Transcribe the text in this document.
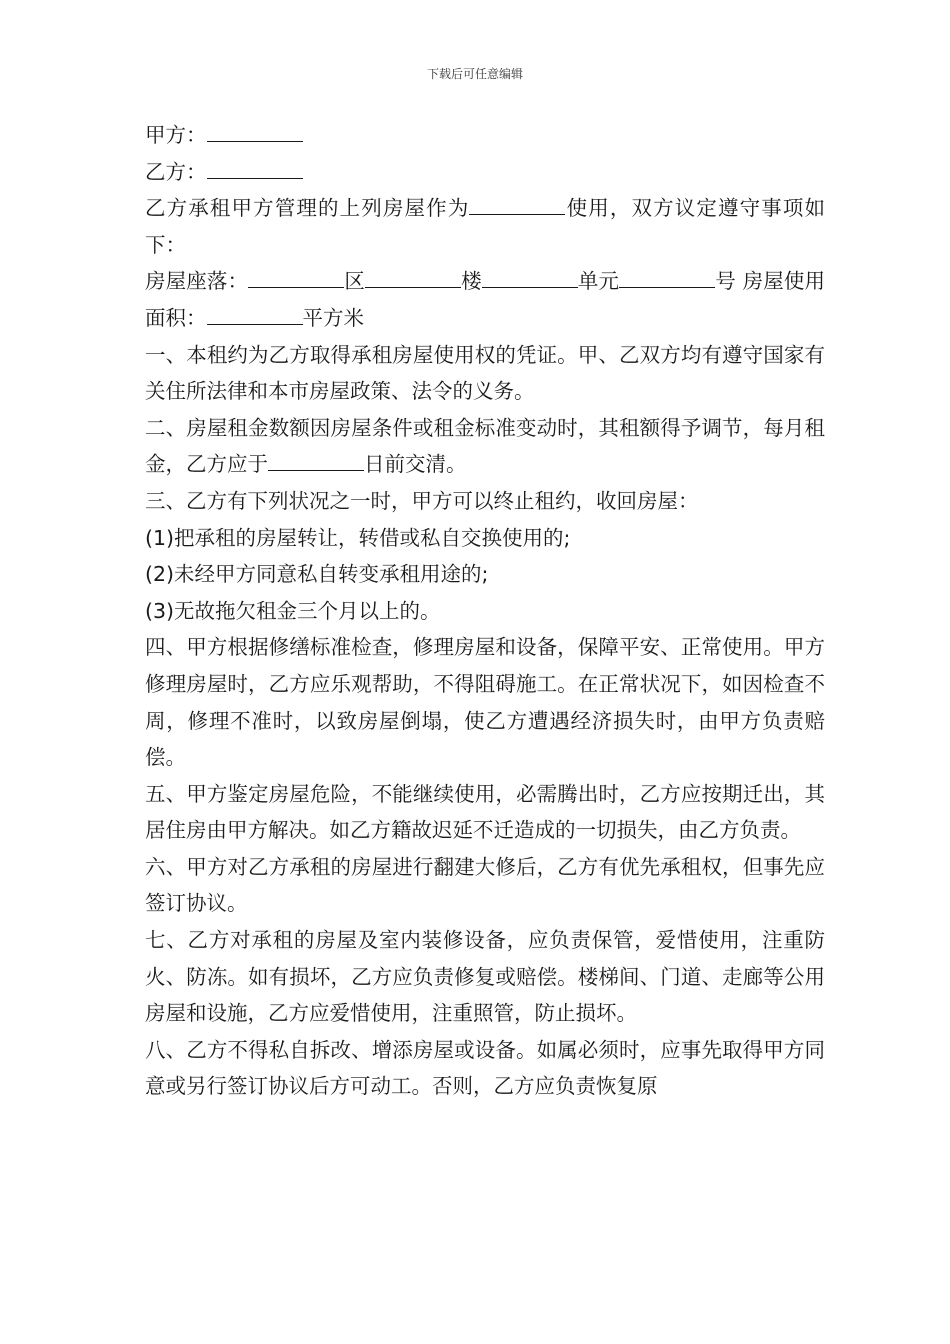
下载后可任意编辑

甲方：

乙方：

乙方承租甲方管理的上列房屋作为	使用，双方议定遵守事项如下：

房屋座落：	区	楼	单元	号 房屋使用面积：	平方米

一、本租约为乙方取得承租房屋使用权的凭证。甲、乙双方均有遵守国家有关住所法律和本市房屋政策、法令的义务。

二、房屋租金数额因房屋条件或租金标准变动时，其租额得予调节，每月租金，乙方应于	日前交清。

三、乙方有下列状况之一时，甲方可以终止租约，收回房屋：

(1)把承租的房屋转让，转借或私自交换使用的;

(2)未经甲方同意私自转变承租用途的;

(3)无故拖欠租金三个月以上的。

四、甲方根据修缮标准检查，修理房屋和设备，保障平安、正常使用。甲方修理房屋时，乙方应乐观帮助，不得阻碍施工。在正常状况下，如因检查不周，修理不准时，以致房屋倒塌，使乙方遭遇经济损失时，由甲方负责赔偿。

五、甲方鉴定房屋危险，不能继续使用，必需腾出时，乙方应按期迁出，其居住房由甲方解决。如乙方籍故迟延不迁造成的一切损失，由乙方负责。

六、甲方对乙方承租的房屋进行翻建大修后，乙方有优先承租权，但事先应签订协议。

七、乙方对承租的房屋及室内装修设备，应负责保管，爱惜使用，注重防火、防冻。如有损坏，乙方应负责修复或赔偿。楼梯间、门道、走廊等公用房屋和设施，乙方应爱惜使用，注重照管，防止损坏。

八、乙方不得私自拆改、增添房屋或设备。如属必须时，应事先取得甲方同意或另行签订协议后方可动工。否则，乙方应负责恢复原
